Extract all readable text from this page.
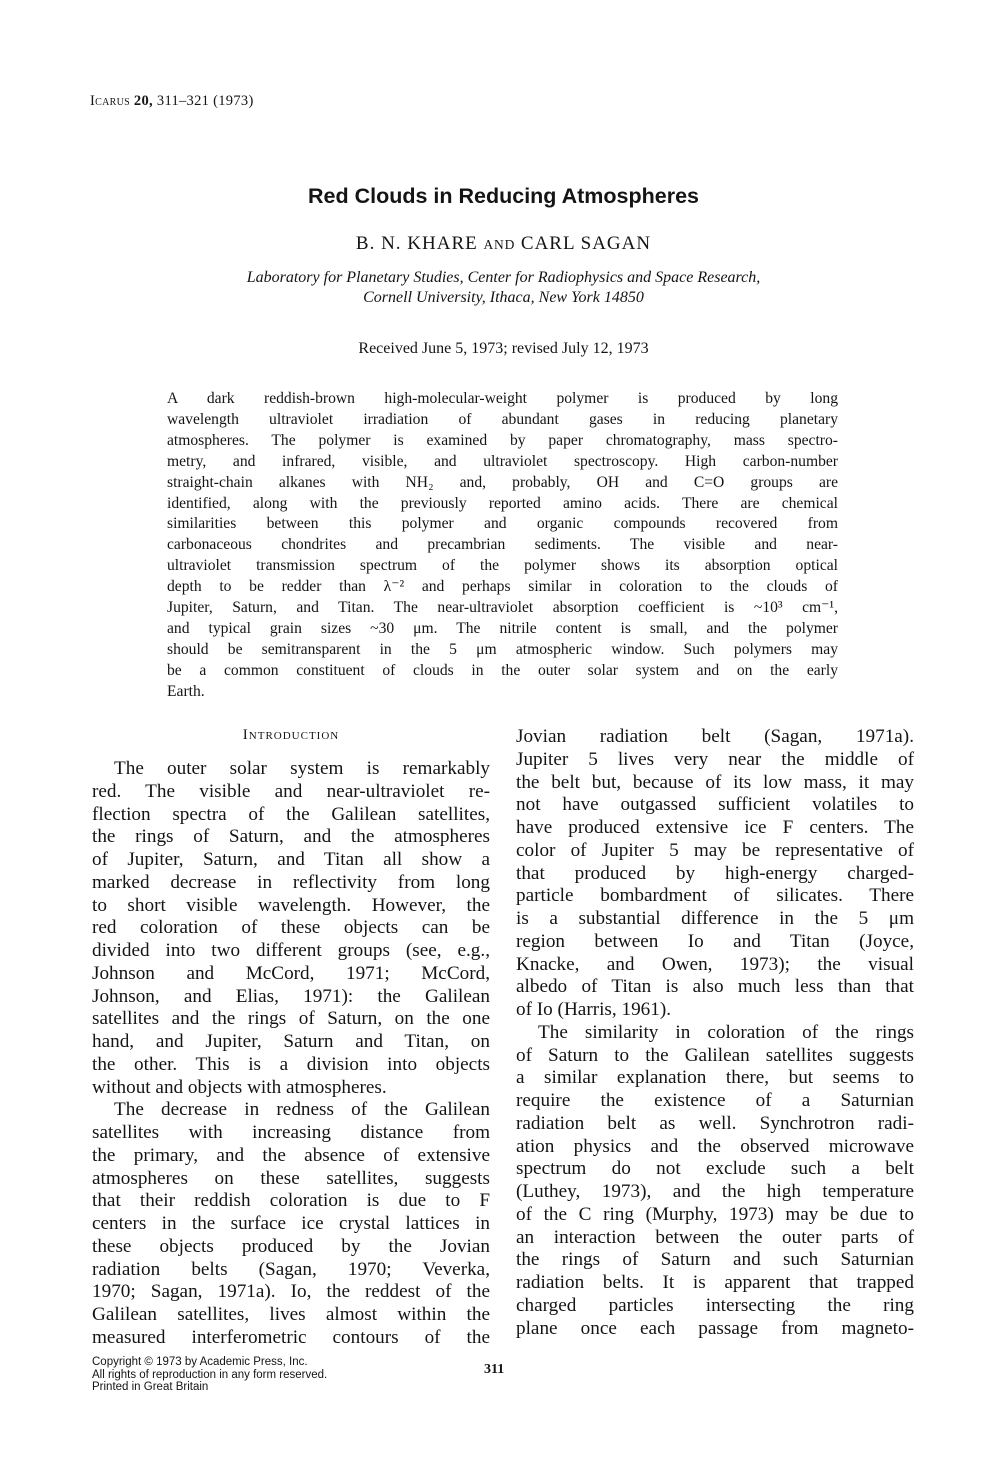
Icarus 20, 311–321 (1973)
Red Clouds in Reducing Atmospheres
B. N. KHARE AND CARL SAGAN
Laboratory for Planetary Studies, Center for Radiophysics and Space Research,
Cornell University, Ithaca, New York 14850
Received June 5, 1973; revised July 12, 1973
A dark reddish-brown high-molecular-weight polymer is produced by long
wavelength ultraviolet irradiation of abundant gases in reducing planetary
atmospheres. The polymer is examined by paper chromatography, mass spectro-
metry, and infrared, visible, and ultraviolet spectroscopy. High carbon-number
straight-chain alkanes with NH₂ and, probably, OH and C=O groups are
identified, along with the previously reported amino acids. There are chemical
similarities between this polymer and organic compounds recovered from
carbonaceous chondrites and precambrian sediments. The visible and near-
ultraviolet transmission spectrum of the polymer shows its absorption optical
depth to be redder than λ⁻² and perhaps similar in coloration to the clouds of
Jupiter, Saturn, and Titan. The near-ultraviolet absorption coefficient is ~10³ cm⁻¹,
and typical grain sizes ~30 μm. The nitrile content is small, and the polymer
should be semitransparent in the 5 μm atmospheric window. Such polymers may
be a common constituent of clouds in the outer solar system and on the early
Earth.
Introduction
The outer solar system is remarkably
red. The visible and near-ultraviolet re-
flection spectra of the Galilean satellites,
the rings of Saturn, and the atmospheres
of Jupiter, Saturn, and Titan all show a
marked decrease in reflectivity from long
to short visible wavelength. However, the
red coloration of these objects can be
divided into two different groups (see, e.g.,
Johnson and McCord, 1971; McCord,
Johnson, and Elias, 1971): the Galilean
satellites and the rings of Saturn, on the one
hand, and Jupiter, Saturn and Titan, on
the other. This is a division into objects
without and objects with atmospheres.
The decrease in redness of the Galilean
satellites with increasing distance from
the primary, and the absence of extensive
atmospheres on these satellites, suggests
that their reddish coloration is due to F
centers in the surface ice crystal lattices in
these objects produced by the Jovian
radiation belts (Sagan, 1970; Veverka,
1970; Sagan, 1971a). Io, the reddest of the
Galilean satellites, lives almost within the
measured interferometric contours of the
Jovian radiation belt (Sagan, 1971a).
Jupiter 5 lives very near the middle of
the belt but, because of its low mass, it may
not have outgassed sufficient volatiles to
have produced extensive ice F centers. The
color of Jupiter 5 may be representative of
that produced by high-energy charged-
particle bombardment of silicates. There
is a substantial difference in the 5 μm
region between Io and Titan (Joyce,
Knacke, and Owen, 1973); the visual
albedo of Titan is also much less than that
of Io (Harris, 1961).
The similarity in coloration of the rings
of Saturn to the Galilean satellites suggests
a similar explanation there, but seems to
require the existence of a Saturnian
radiation belt as well. Synchrotron radi-
ation physics and the observed microwave
spectrum do not exclude such a belt
(Luthey, 1973), and the high temperature
of the C ring (Murphy, 1973) may be due to
an interaction between the outer parts of
the rings of Saturn and such Saturnian
radiation belts. It is apparent that trapped
charged particles intersecting the ring
plane once each passage from magneto-
Copyright © 1973 by Academic Press, Inc.
All rights of reproduction in any form reserved.
Printed in Great Britain
311
